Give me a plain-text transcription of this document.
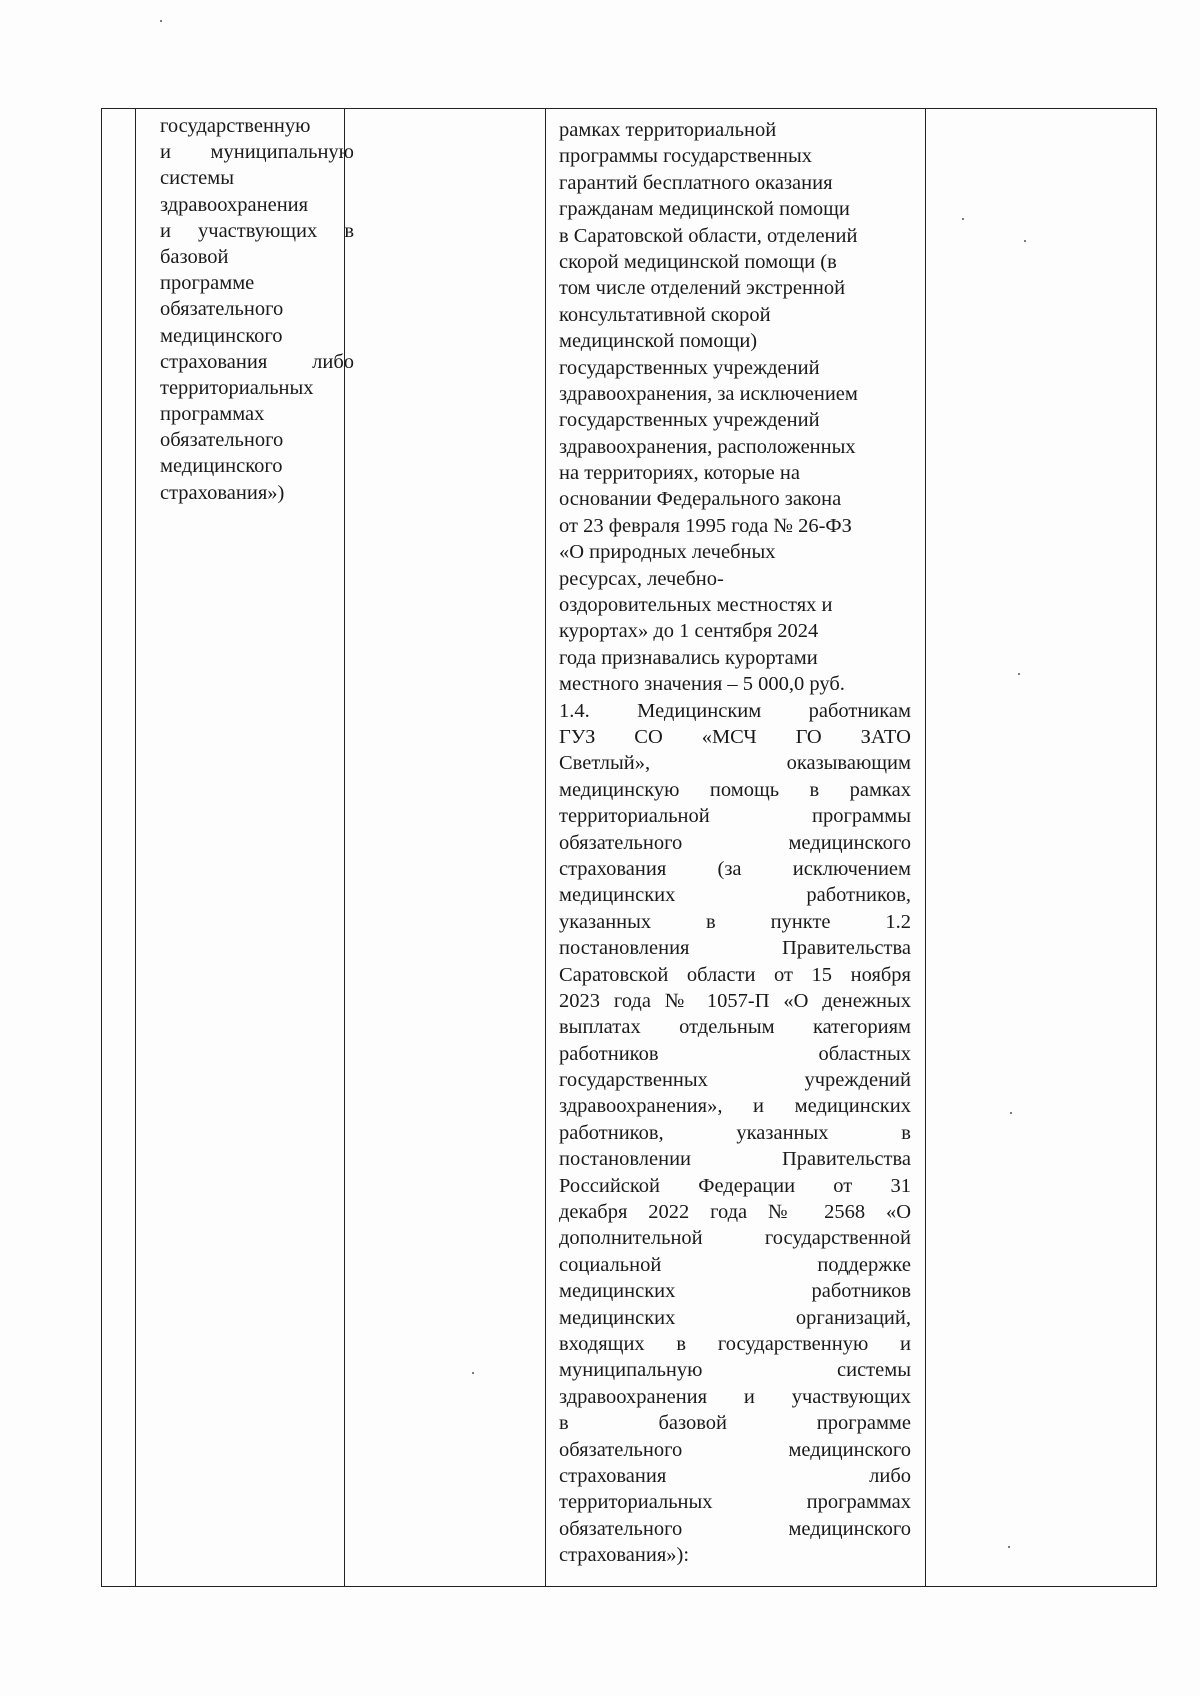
государственную
и муниципальную
системы
здравоохранения
и участвующих в
базовой
программе
обязательного
медицинского
страхования либо
территориальных
программах
обязательного
медицинского
страхования»)
рамках территориальной
программы государственных
гарантий бесплатного оказания
гражданам медицинской помощи
в Саратовской области, отделений
скорой медицинской помощи (в
том числе отделений экстренной
консультативной скорой
медицинской помощи)
государственных учреждений
здравоохранения, за исключением
государственных учреждений
здравоохранения, расположенных
на территориях, которые на
основании Федерального закона
от 23 февраля 1995 года № 26-ФЗ
«О природных лечебных
ресурсах, лечебно-
оздоровительных местностях и
курортах» до 1 сентября 2024
года признавались курортами
местного значения – 5 000,0 руб.
1.4. Медицинским работникам
ГУЗ СО «МСЧ ГО ЗАТО
Светлый», оказывающим
медицинскую помощь в рамках
территориальной программы
обязательного медицинского
страхования (за исключением
медицинских работников,
указанных в пункте 1.2
постановления Правительства
Саратовской области от 15 ноября
2023 года № 1057-П «О денежных
выплатах отдельным категориям
работников областных
государственных учреждений
здравоохранения», и медицинских
работников, указанных в
постановлении Правительства
Российской Федерации от 31
декабря 2022 года № 2568 «О
дополнительной государственной
социальной поддержке
медицинских работников
медицинских организаций,
входящих в государственную и
муниципальную системы
здравоохранения и участвующих
в базовой программе
обязательного медицинского
страхования либо
территориальных программах
обязательного медицинского
страхования»):
